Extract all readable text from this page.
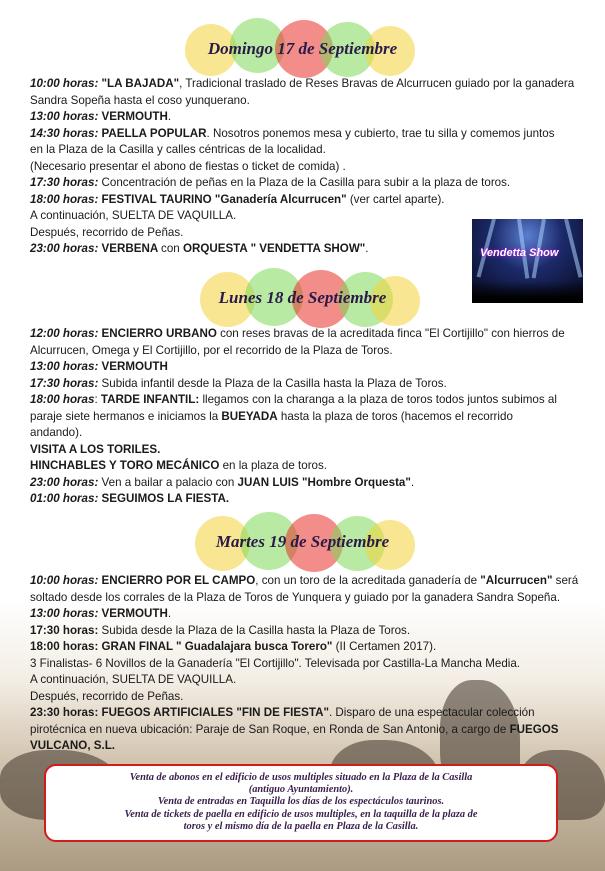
Domingo 17 de Septiembre
10:00 horas: "LA BAJADA", Tradicional traslado de Reses Bravas de Alcurrucen guiado por la ganadera
Sandra Sopeña hasta el coso yunquerano.
13:00 horas: VERMOUTH.
14:30 horas: PAELLA POPULAR. Nosotros ponemos mesa y cubierto, trae tu silla y comemos juntos
en la Plaza de la Casilla y calles céntricas de la localidad.
(Necesario presentar el abono de fiestas o ticket de comida) .
17:30 horas: Concentración de peñas en la Plaza de la Casilla para subir a la plaza de toros.
18:00 horas: FESTIVAL TAURINO "Ganadería Alcurrucen" (ver cartel aparte).
A continuación, SUELTA DE VAQUILLA.
Después, recorrido de Peñas.
23:00 horas: VERBENA con ORQUESTA " VENDETTA SHOW".	Vendetta Show
Lunes 18 de Septiembre
12:00 horas: ENCIERRO URBANO con reses bravas de la acreditada finca "El Cortijillo" con hierros de
Alcurrucen, Omega y El Cortijillo, por el recorrido de la Plaza de Toros.
13:00 horas: VERMOUTH
17:30 horas: Subida infantil desde la Plaza de la Casilla hasta la Plaza de Toros.
18:00 horas: TARDE INFANTIL: llegamos con la charanga a la plaza de toros todos juntos subimos al
paraje siete hermanos e iniciamos la BUEYADA hasta la plaza de toros (hacemos el recorrido
andando).
VISITA A LOS TORILES.
HINCHABLES Y TORO MECÁNICO en la plaza de toros.
23:00 horas: Ven a bailar a palacio con JUAN LUIS "Hombre Orquesta".
01:00 horas: SEGUIMOS LA FIESTA.
Martes 19 de Septiembre
10:00 horas: ENCIERRO POR EL CAMPO, con un toro de la acreditada ganadería de "Alcurrucen" será
soltado desde los corrales de la Plaza de Toros de Yunquera y guiado por la ganadera Sandra Sopeña.
13:00 horas: VERMOUTH.
17:30 horas: Subida desde la Plaza de la Casilla hasta la Plaza de Toros.
18:00 horas: GRAN FINAL " Guadalajara busca Torero" (II Certamen 2017).
3 Finalistas- 6 Novillos de la Ganadería "El Cortijillo". Televisada por Castilla-La Mancha Media.
A continuación, SUELTA DE VAQUILLA.
Después, recorrido de Peñas.
23:30 horas: FUEGOS ARTIFICIALES "FIN DE FIESTA". Disparo de una espectacular colección
pirotécnica en nueva ubicación: Paraje de San Roque, en Ronda de San Antonio, a cargo de FUEGOS
VULCANO, S.L.
Venta de abonos en el edificio de usos multiples situado en la Plaza de la Casilla
(antiguo Ayuntamiento).
Venta de entradas en Taquilla los días de los espectáculos taurinos.
Venta de tickets de paella en edificio de usos multiples, en la taquilla de la plaza de
toros y el mismo día de la paella en Plaza de la Casilla.
